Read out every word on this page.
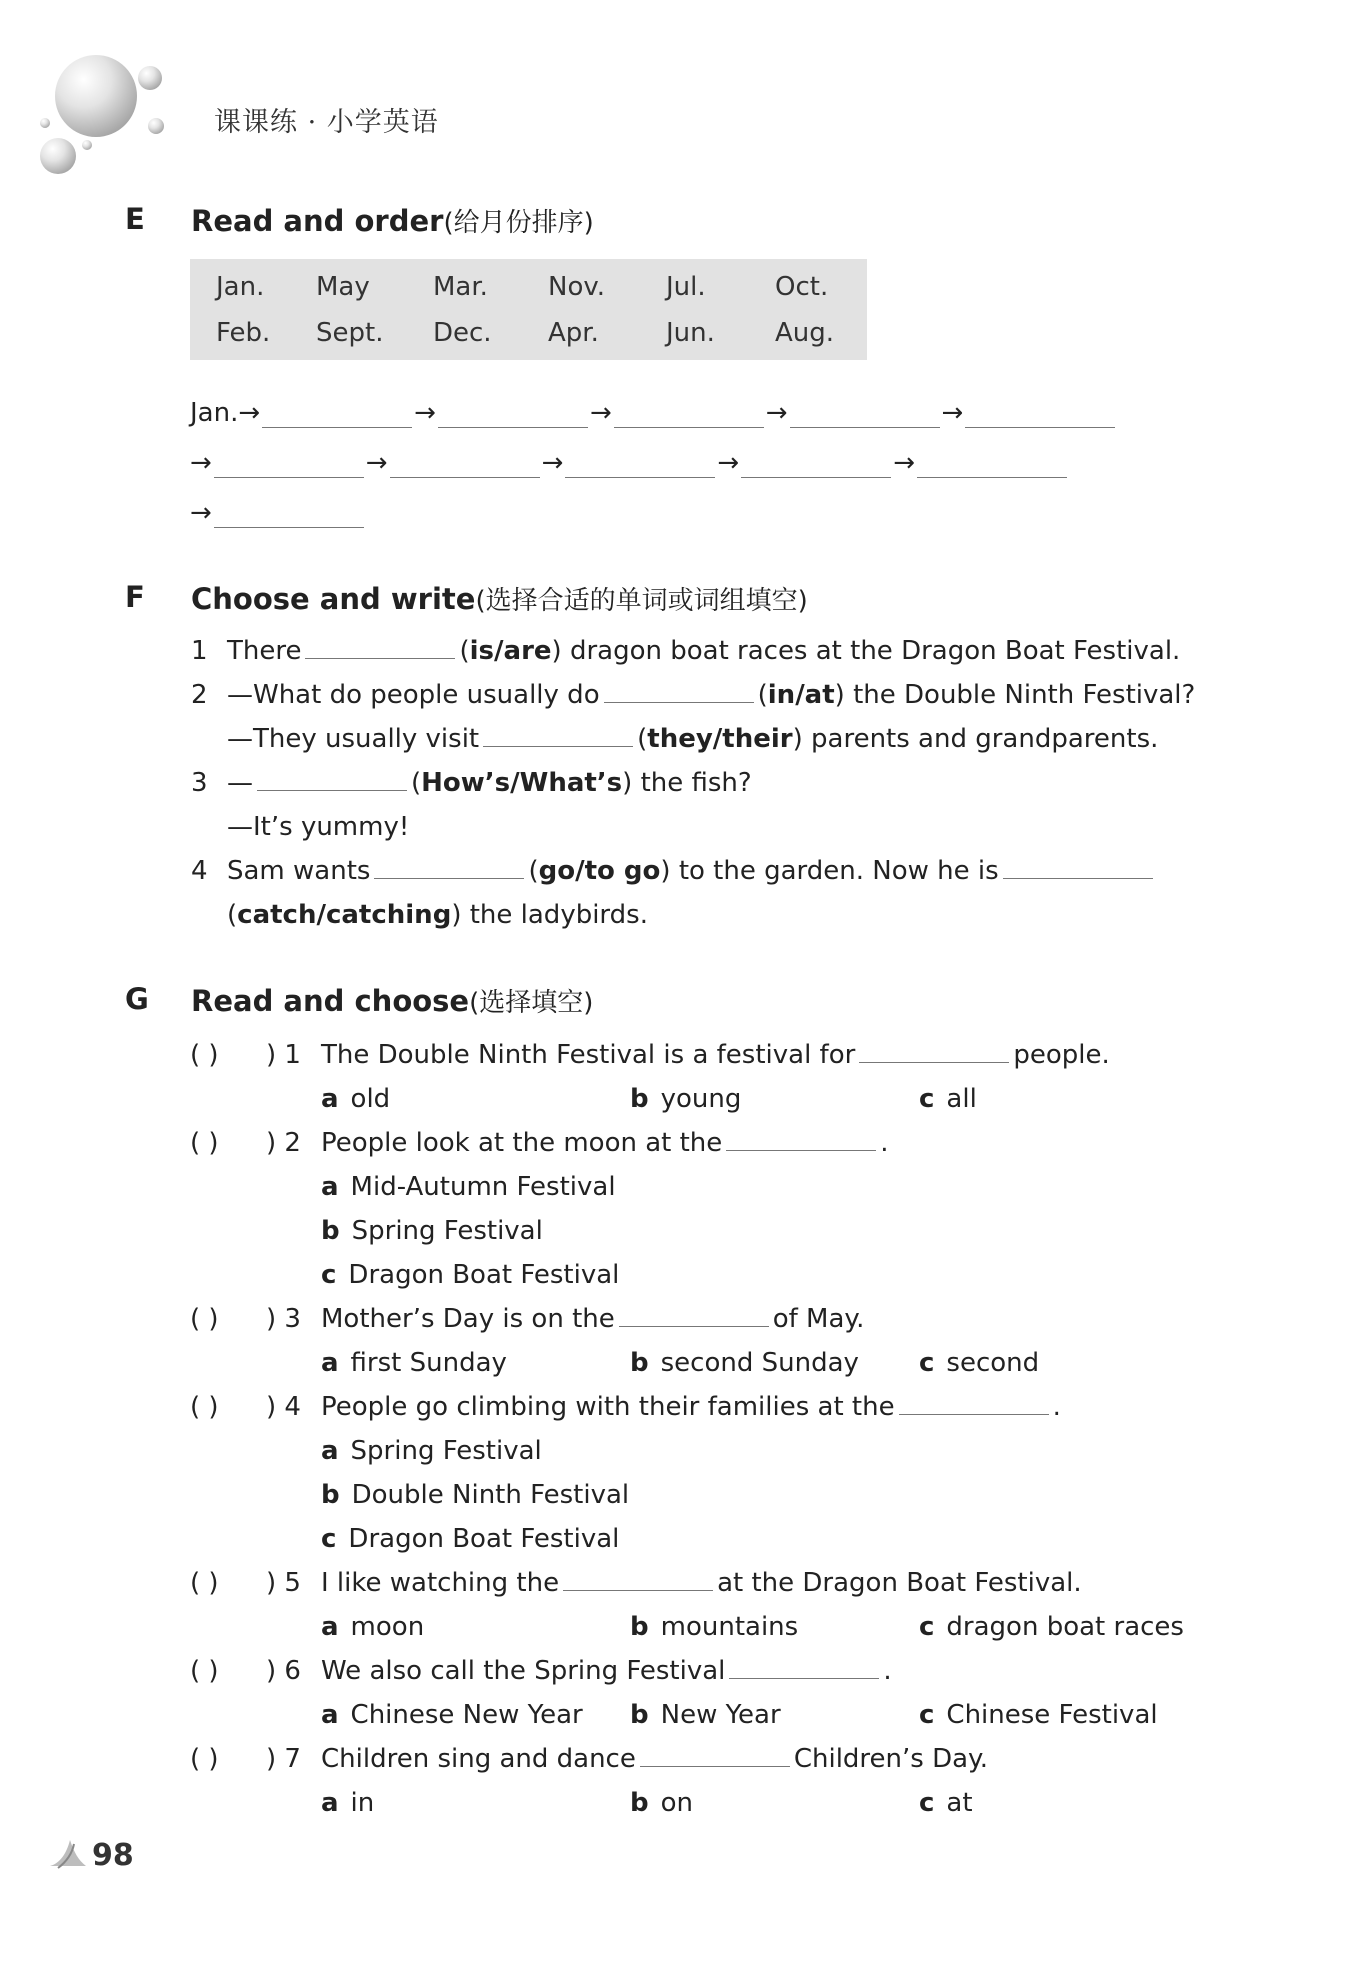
课课练 · 小学英语
E Read and order(给月份排序)
Jan. May Mar. Nov. Jul.	Oct.
Feb. Sept. Dec. Apr.	Jun. Aug.
Jan. →	→	→	→	→
→	→	→	→	→
→
F Choose and write(选择合适的单词或词组填空)
1 There	(is/are) dragon boat races at the Dragon Boat Festival.
2 —What do people usually do	(in/at) the Double Ninth Festival?
—They usually visit	(they/their) parents and grandparents.
3 —	(How’s/What’s) the fish?
—It’s yummy!
4 Sam wants	(go/to go) to the garden. Now he is
(catch/catching) the ladybirds.
G Read and choose(选择填空)
( ) ) 1 The Double Ninth Festival is a festival for	people.
a old	b young	c all
( ) ) 2 People look at the moon at the	.
a Mid-Autumn Festival
b Spring Festival
c Dragon Boat Festival
( ) ) 3 Mother’s Day is on the	of May.
a first Sunday	b second Sunday c second
( ) ) 4 People go climbing with their families at the	.
a Spring Festival
b Double Ninth Festival
c Dragon Boat Festival
( ) ) 5 I like watching the	at the Dragon Boat Festival.
a moon	b mountains	c dragon boat races
( ) ) 6 We also call the Spring Festival	.
a Chinese New Year b New Year	c Chinese Festival
( ) ) 7 Children sing and dance	Children’s Day.
a in	b on	c at
98
